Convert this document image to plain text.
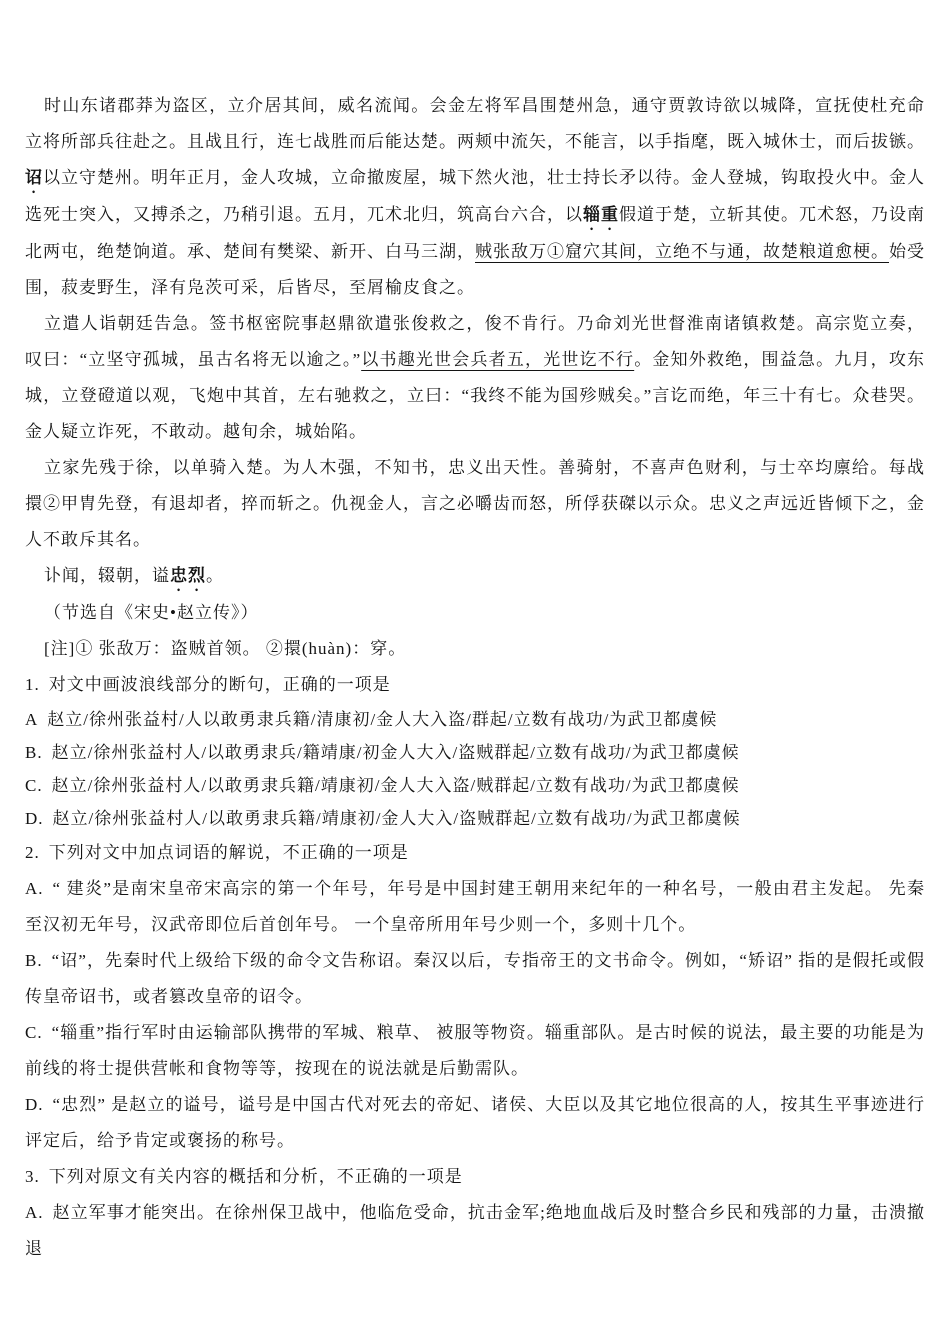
时山东诸郡莽为盗区，立介居其间，威名流闻。会金左将军昌围楚州急，通守贾敦诗欲以城降，宣抚使杜充命立将所部兵往赴之。且战且行，连七战胜而后能达楚。两颊中流矢，不能言，以手指麾，既入城休士，而后拔镞。诏以立守楚州。明年正月，金人攻城，立命撤废屋，城下然火池，壮士持长矛以待。金人登城，钩取投火中。金人选死士突入，又搏杀之，乃稍引退。五月，兀术北归，筑高台六合，以辎重假道于楚，立斩其使。兀术怒，乃设南北两屯，绝楚饷道。承、楚间有樊梁、新开、白马三湖，贼张敌万①窟穴其间，立绝不与通，故楚粮道愈梗。始受围，菽麦野生，泽有凫茨可采，后皆尽，至屑榆皮食之。

立遣人诣朝廷告急。签书枢密院事赵鼎欲遣张俊救之，俊不肯行。乃命刘光世督淮南诸镇救楚。高宗览立奏，叹曰：“立坚守孤城，虽古名将无以逾之。”以书趣光世会兵者五，光世讫不行。金知外救绝，围益急。九月，攻东城，立登磴道以观，飞炮中其首，左右驰救之，立曰：“我终不能为国殄贼矣。”言讫而绝，年三十有七。众巷哭。金人疑立诈死，不敢动。越旬余，城始陷。

立家先残于徐，以单骑入楚。为人木强，不知书，忠义出天性。善骑射，不喜声色财利，与士卒均廪给。每战擐②甲胄先登，有退却者，捽而斩之。仇视金人，言之必嚼齿而怒，所俘获磔以示众。忠义之声远近皆倾下之，金人不敢斥其名。

讣闻，辍朝，谥忠烈。

（节选自《宋史•赵立传》）

[注]① 张敌万：盗贼首领。 ②擐(huàn)：穿。

1. 对文中画波浪线部分的断句，正确的一项是

A 赵立/徐州张益村/人以敢勇隶兵籍/清康初/金人大入盗/群起/立数有战功/为武卫都虞候

B. 赵立/徐州张益村人/以敢勇隶兵/籍靖康/初金人大入/盗贼群起/立数有战功/为武卫都虞候

C. 赵立/徐州张益村人/以敢勇隶兵籍/靖康初/金人大入盗/贼群起/立数有战功/为武卫都虞候

D. 赵立/徐州张益村人/以敢勇隶兵籍/靖康初/金人大入/盗贼群起/立数有战功/为武卫都虞候

2. 下列对文中加点词语的解说，不正确的一项是

A. “ 建炎”是南宋皇帝宋高宗的第一个年号，年号是中国封建王朝用来纪年的一种名号，一般由君主发起。 先秦至汉初无年号，汉武帝即位后首创年号。 一个皇帝所用年号少则一个，多则十几个。

B. “诏”，先秦时代上级给下级的命令文告称诏。秦汉以后，专指帝王的文书命令。例如，“矫诏” 指的是假托或假传皇帝诏书，或者篡改皇帝的诏令。

C. “辎重”指行军时由运输部队携带的军城、粮草、 被服等物资。辎重部队。是古时候的说法，最主要的功能是为前线的将士提供营帐和食物等等，按现在的说法就是后勤需队。

D. “忠烈” 是赵立的谥号，谥号是中国古代对死去的帝妃、诸侯、大臣以及其它地位很高的人，按其生平事迹进行评定后，给予肯定或褒扬的称号。

3. 下列对原文有关内容的概括和分析，不正确的一项是

A. 赵立军事才能突出。在徐州保卫战中，他临危受命，抗击金军;绝地血战后及时整合乡民和残部的力量，击溃撤退
